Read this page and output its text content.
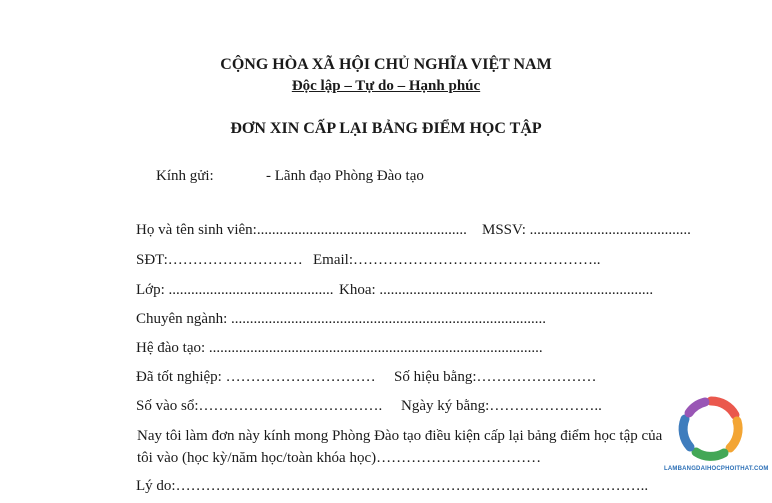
CỘNG HÒA XÃ HỘI CHỦ NGHĨA VIỆT NAM
Độc lập – Tự do – Hạnh phúc
ĐƠN XIN CẤP LẠI BẢNG ĐIỂM HỌC TẬP
Kính gửi:	- Lãnh đạo Phòng Đào tạo
Họ và tên sinh viên:........................................................ MSSV: ...........................................
SĐT:……………………… Email:…………………………………………..
Lớp: ............................................ Khoa: .........................................................................
Chuyên ngành: ....................................................................................
Hệ đào tạo: .........................................................................................
Đã tốt nghiệp: ………………………… Số hiệu bằng:……………………
Số vào sổ:………………………………. Ngày ký bằng:…………………..
Nay tôi làm đơn này kính mong Phòng Đào tạo điều kiện cấp lại bảng điểm học tập của
tôi vào (học kỳ/năm học/toàn khóa học)……………………………
Lý do:…………………………………………………………………………………..
LAMBANGDAIHOCPHOITHAT.COM
